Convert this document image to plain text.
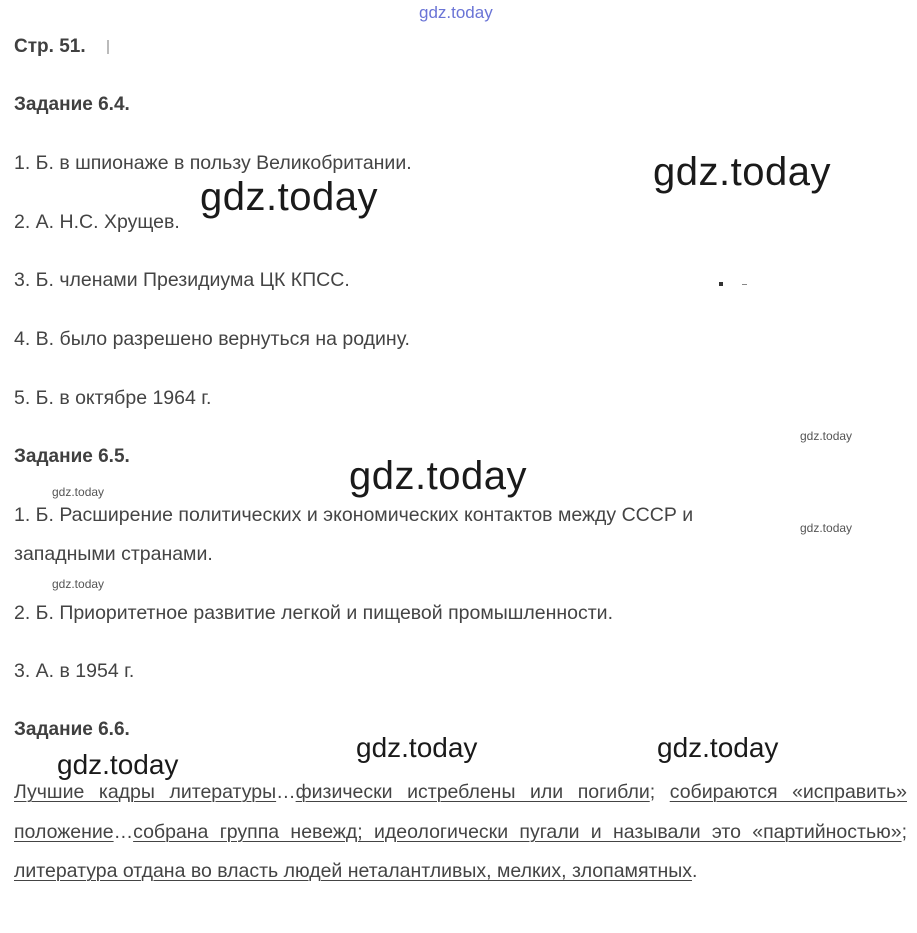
gdz.today
gdz.today
gdz.today
gdz.today
gdz.today	gdz.today
gdz.today
gdz.today
gdz.today
gdz.today
gdz.today
Стр. 51.
Задание 6.4.
1. Б. в шпионаже в пользу Великобритании.
2. А. Н.С. Хрущев.
3. Б. членами Президиума ЦК КПСС.
4. В. было разрешено вернуться на родину.
5. Б. в октябре 1964 г.
Задание 6.5.
1. Б. Расширение политических и экономических контактов между СССР и
западными странами.
2. Б. Приоритетное развитие легкой и пищевой промышленности.
3. А. в 1954 г.
Задание 6.6.
Лучшие кадры литературы…физически истреблены или погибли; собираются «исправить» положение…собрана группа невежд; идеологически пугали и называли это «партийностью»; литература отдана во власть людей неталантливых, мелких, злопамятных.
